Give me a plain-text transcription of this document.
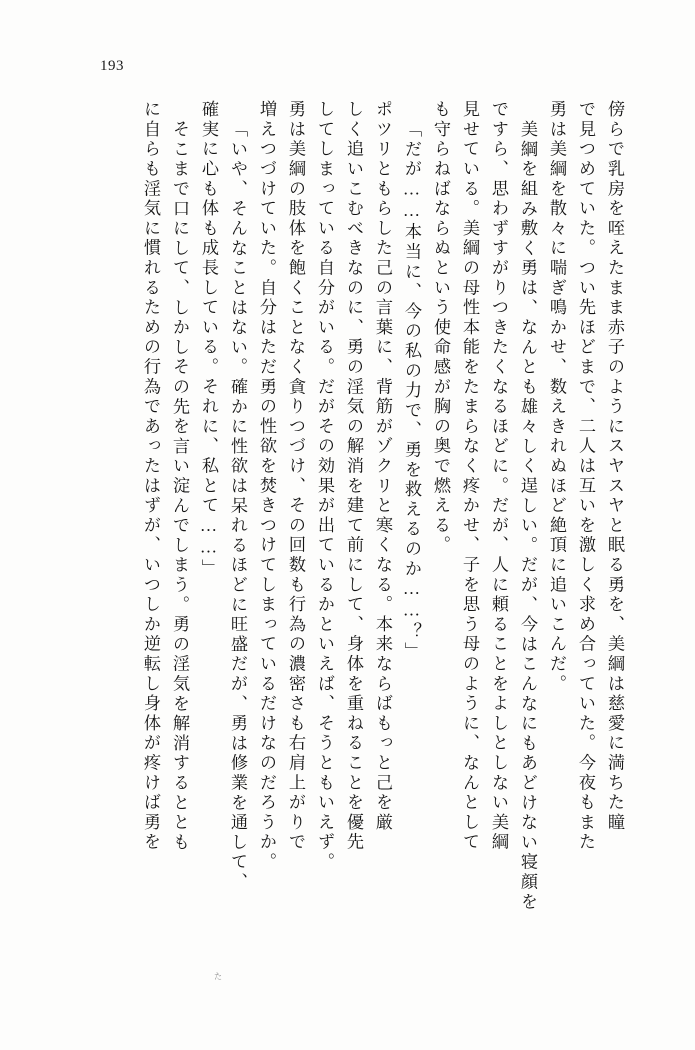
193
傍らで乳房を咥えたまま赤子のようにスヤスヤと眠る勇を、美綱は慈愛に満ちた瞳
で見つめていた。つい先ほどまで、二人は互いを激しく求め合っていた。今夜もまた
勇は美綱を散々に喘ぎ鳴かせ、数えきれぬほど絶頂に追いこんだ。
美綱を組み敷く勇は、なんとも雄々しく逞しい。だが、今はこんなにもあどけない寝顔を
ですら、思わずすがりつきたくなるほどに。だが、人に頼ることをよしとしない美綱
見せている。美綱の母性本能をたまらなく疼かせ、子を思う母のように、なんとして
も守らねばならぬという使命感が胸の奥で燃える。
「だが……本当に、今の私の力で、勇を救えるのか……？」
ポツリともらした己の言葉に、背筋がゾクリと寒くなる。本来ならばもっと己を厳
しく追いこむべきなのに、勇の淫気の解消を建て前にして、身体を重ねることを優先
してしまっている自分がいる。だがその効果が出ているかといえば、そうともいえず。
勇は美綱の肢体を飽くことなく貪りつづけ、その回数も行為の濃密さも右肩上がりで
増えつづけていた。自分はただ勇の性欲を焚きつけてしまっているだけなのだろうか。
「いや、そんなことはない。確かに性欲は呆れるほどに旺盛だが、勇は修業を通して、
確実に心も体も成長している。それに、私とて……」
そこまで口にして、しかしその先を言い淀んでしまう。勇の淫気を解消するととも
に自らも淫気に慣れるための行為であったはずが、いつしか逆転し身体が疼けば勇を
た
